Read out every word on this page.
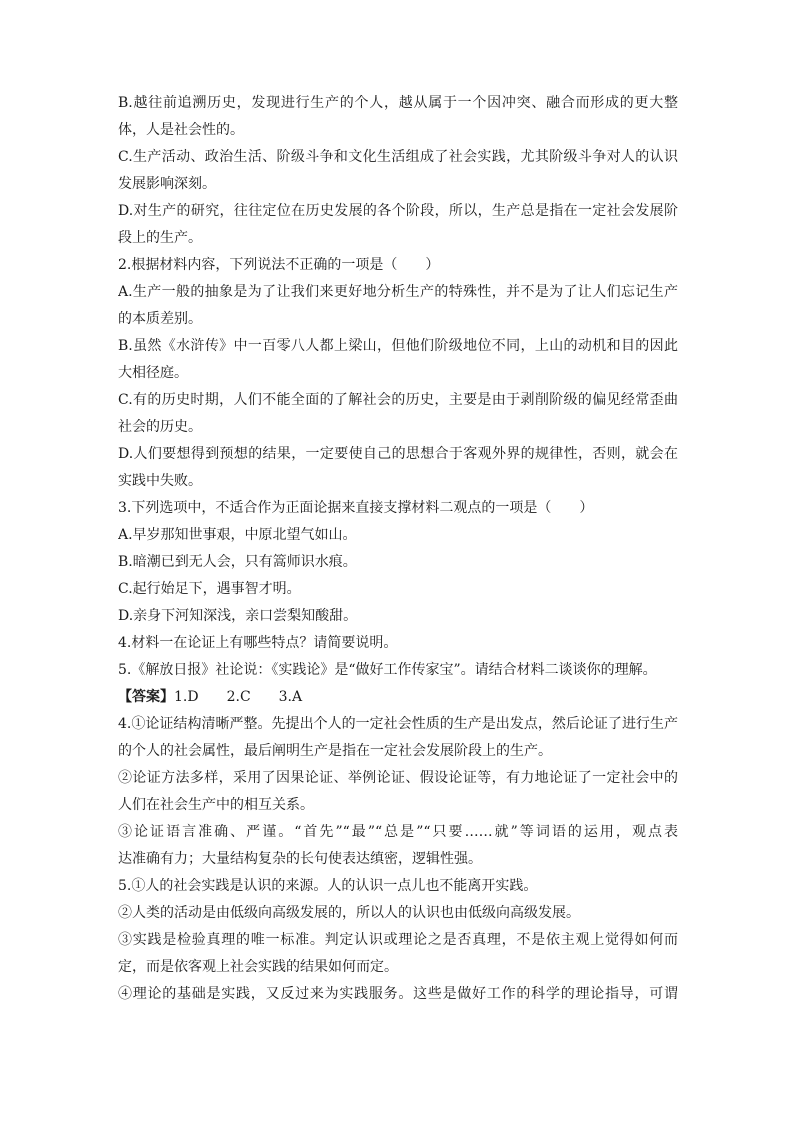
B.越往前追溯历史，发现进行生产的个人，越从属于一个因冲突、融合而形成的更大整
体，人是社会性的。
C.生产活动、政治生活、阶级斗争和文化生活组成了社会实践，尤其阶级斗争对人的认识
发展影响深刻。
D.对生产的研究，往往定位在历史发展的各个阶段，所以，生产总是指在一定社会发展阶
段上的生产。
2.根据材料内容，下列说法不正确的一项是（　　）
A.生产一般的抽象是为了让我们来更好地分析生产的特殊性，并不是为了让人们忘记生产
的本质差别。
B.虽然《水浒传》中一百零八人都上梁山，但他们阶级地位不同，上山的动机和目的因此
大相径庭。
C.有的历史时期，人们不能全面的了解社会的历史，主要是由于剥削阶级的偏见经常歪曲
社会的历史。
D.人们要想得到预想的结果，一定要使自己的思想合于客观外界的规律性，否则，就会在
实践中失败。
3.下列选项中，不适合作为正面论据来直接支撑材料二观点的一项是（　　）
A.早岁那知世事艰，中原北望气如山。
B.暗潮已到无人会，只有篙师识水痕。
C.起行始足下，遇事智才明。
D.亲身下河知深浅，亲口尝梨知酸甜。
4.材料一在论证上有哪些特点？请简要说明。
5.《解放日报》社论说：《实践论》是“做好工作传家宝”。请结合材料二谈谈你的理解。
【答案】1.D　　2.C　　3.A
4.①论证结构清晰严整。先提出个人的一定社会性质的生产是出发点，然后论证了进行生产
的个人的社会属性，最后阐明生产是指在一定社会发展阶段上的生产。
②论证方法多样，采用了因果论证、举例论证、假设论证等，有力地论证了一定社会中的
人们在社会生产中的相互关系。
③论证语言准确、严谨。“首先”“最”“总是”“只要……就”等词语的运用，观点表
达准确有力；大量结构复杂的长句使表达缜密，逻辑性强。
5.①人的社会实践是认识的来源。人的认识一点儿也不能离开实践。
②人类的活动是由低级向高级发展的，所以人的认识也由低级向高级发展。
③实践是检验真理的唯一标准。判定认识或理论之是否真理，不是依主观上觉得如何而
定，而是依客观上社会实践的结果如何而定。
④理论的基础是实践，又反过来为实践服务。这些是做好工作的科学的理论指导，可谓
